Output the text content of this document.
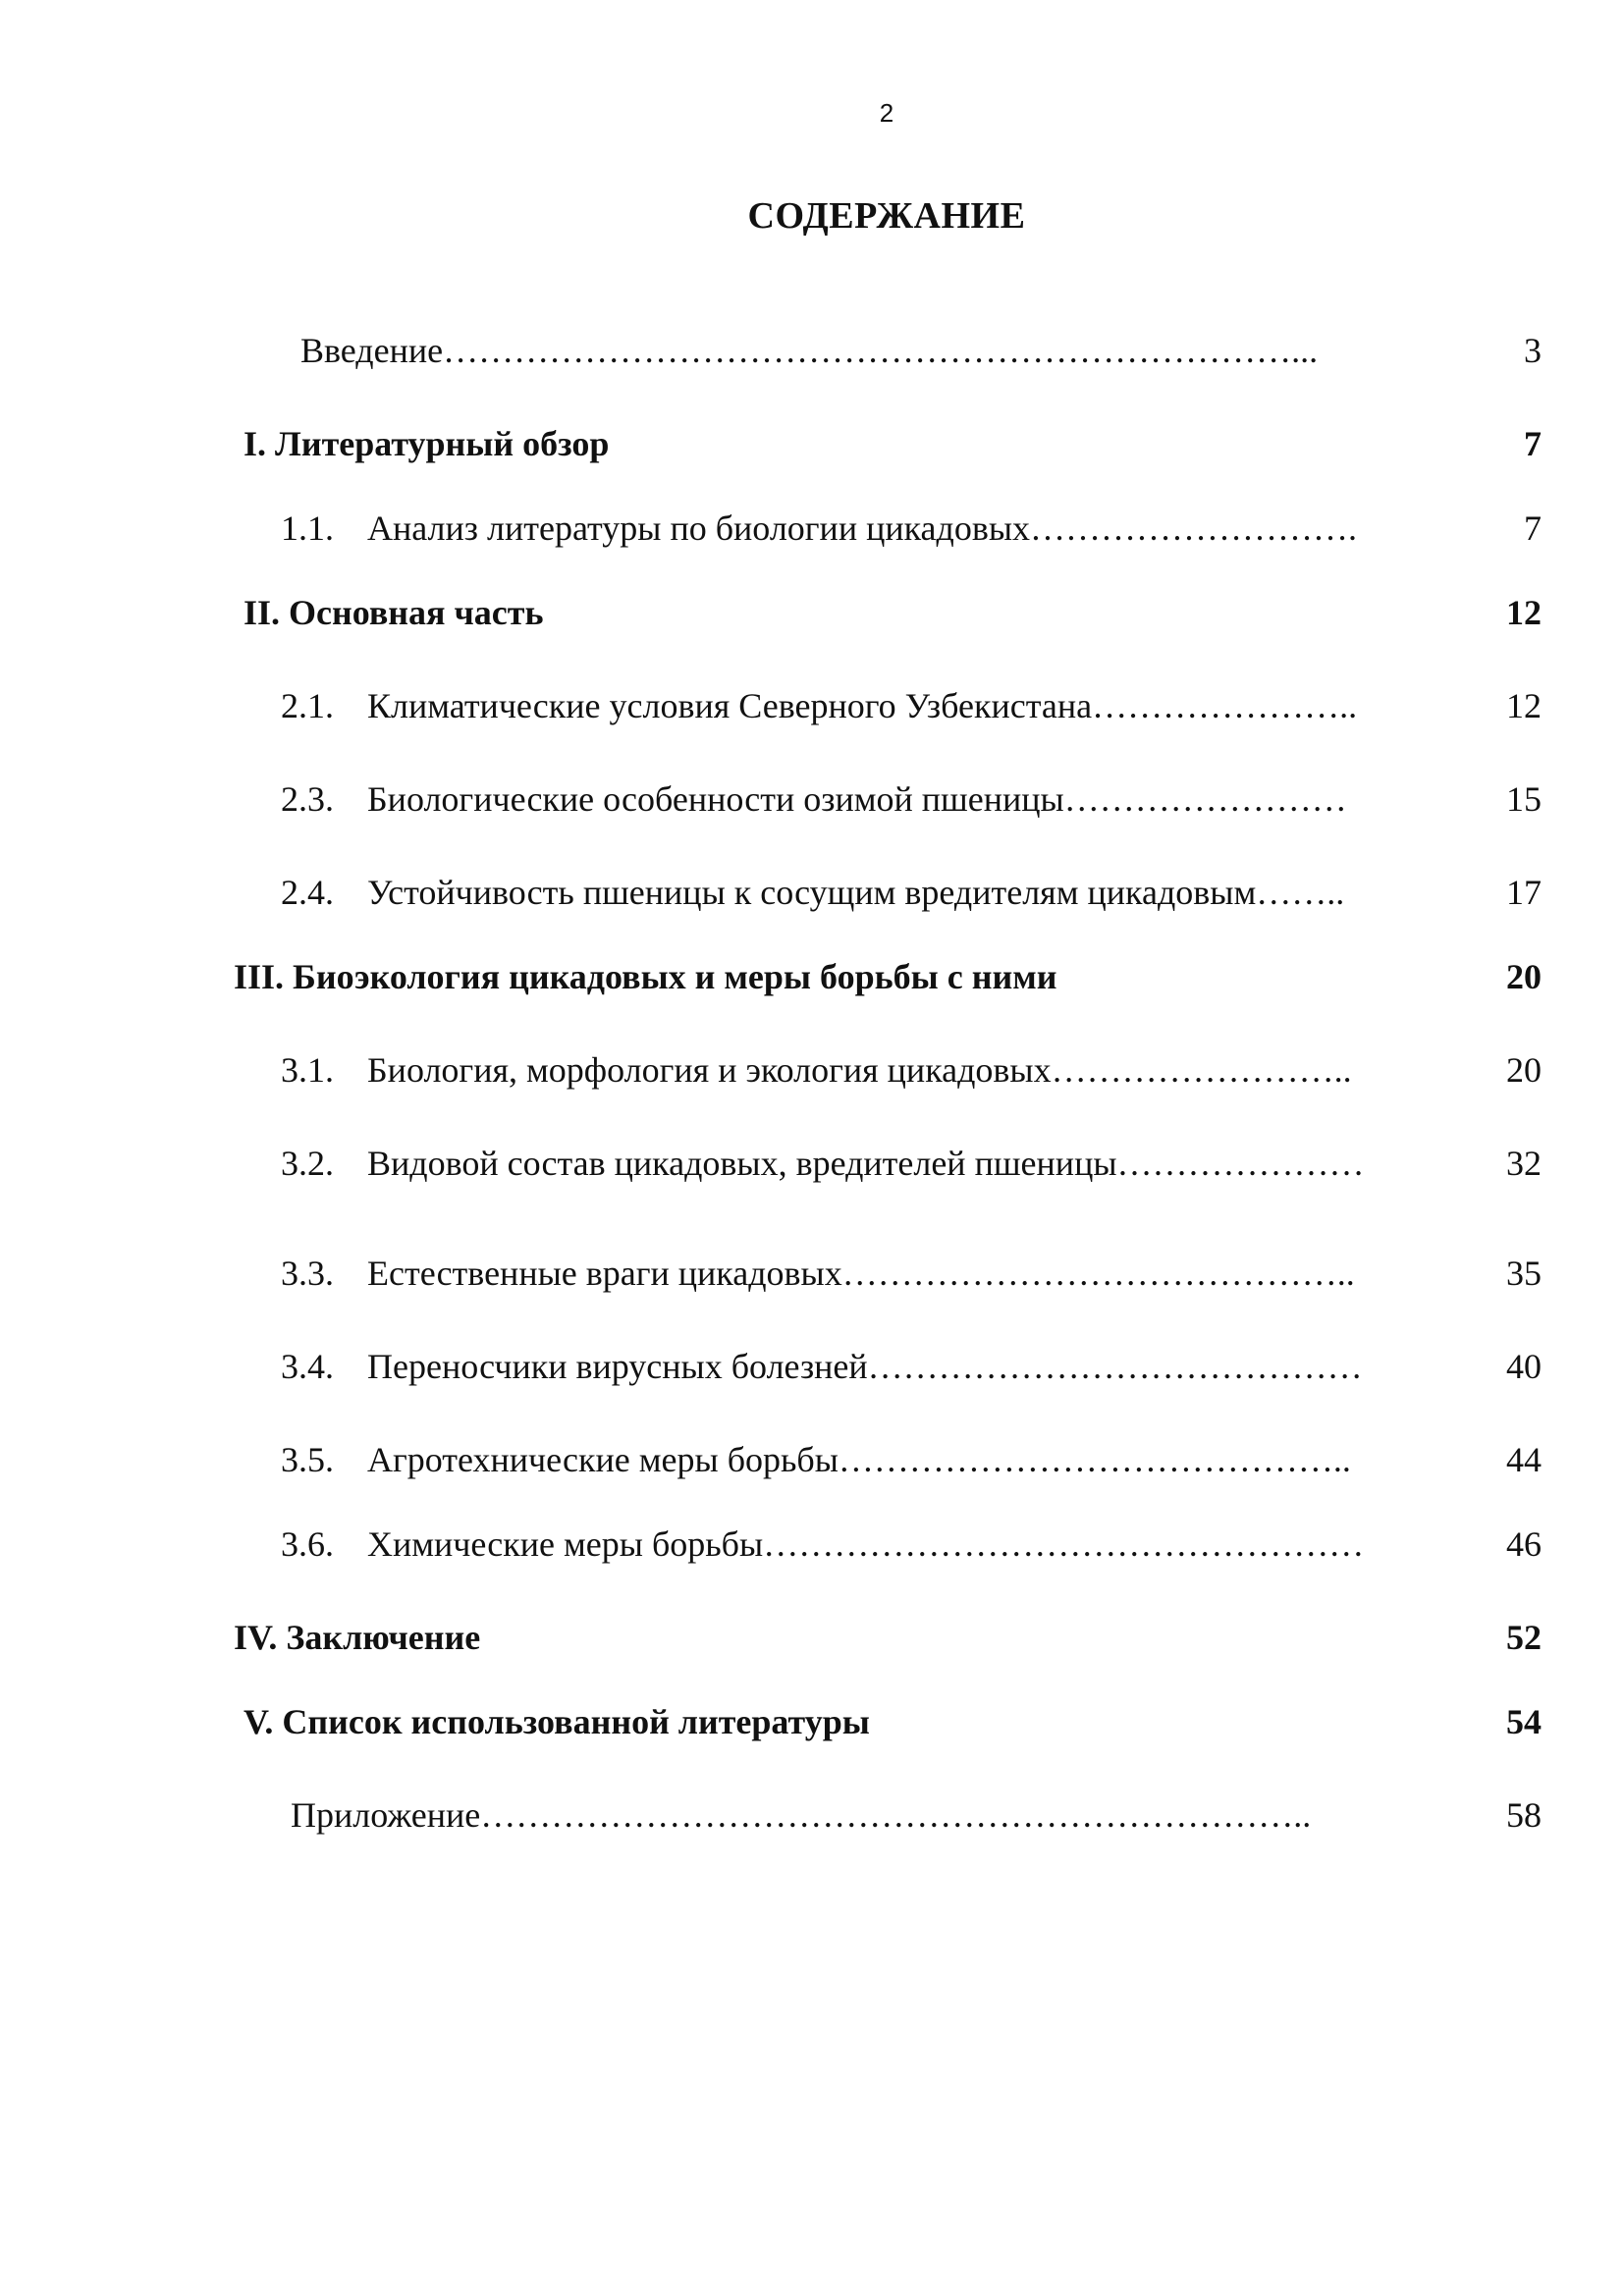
2
СОДЕРЖАНИЕ
Введение………………………………………………………………...	3
I. Литературный обзор	7
1.1. Анализ литературы по биологии цикадовых……………………….	7
II. Основная часть	12
2.1. Климатические условия Северного Узбекистана…………………..	12
2.3. Биологические особенности озимой пшеницы……………………	15
2.4. Устойчивость пшеницы к сосущим вредителям цикадовым……..	17
III. Биоэкология цикадовых и меры борьбы с ними	20
3.1. Биология, морфология и экология цикадовых……………………..	20
3.2. Видовой состав цикадовых, вредителей пшеницы…………………	32
3.3. Естественные враги цикадовых……………………………………..	35
3.4. Переносчики вирусных болезней……………………………………	40
3.5. Агротехнические меры борьбы……………………………………..	44
3.6. Химические меры борьбы……………………………………………	46
IV. Заключение	52
V. Список использованной литературы	54
Приложение……………………………………………………………..	58
